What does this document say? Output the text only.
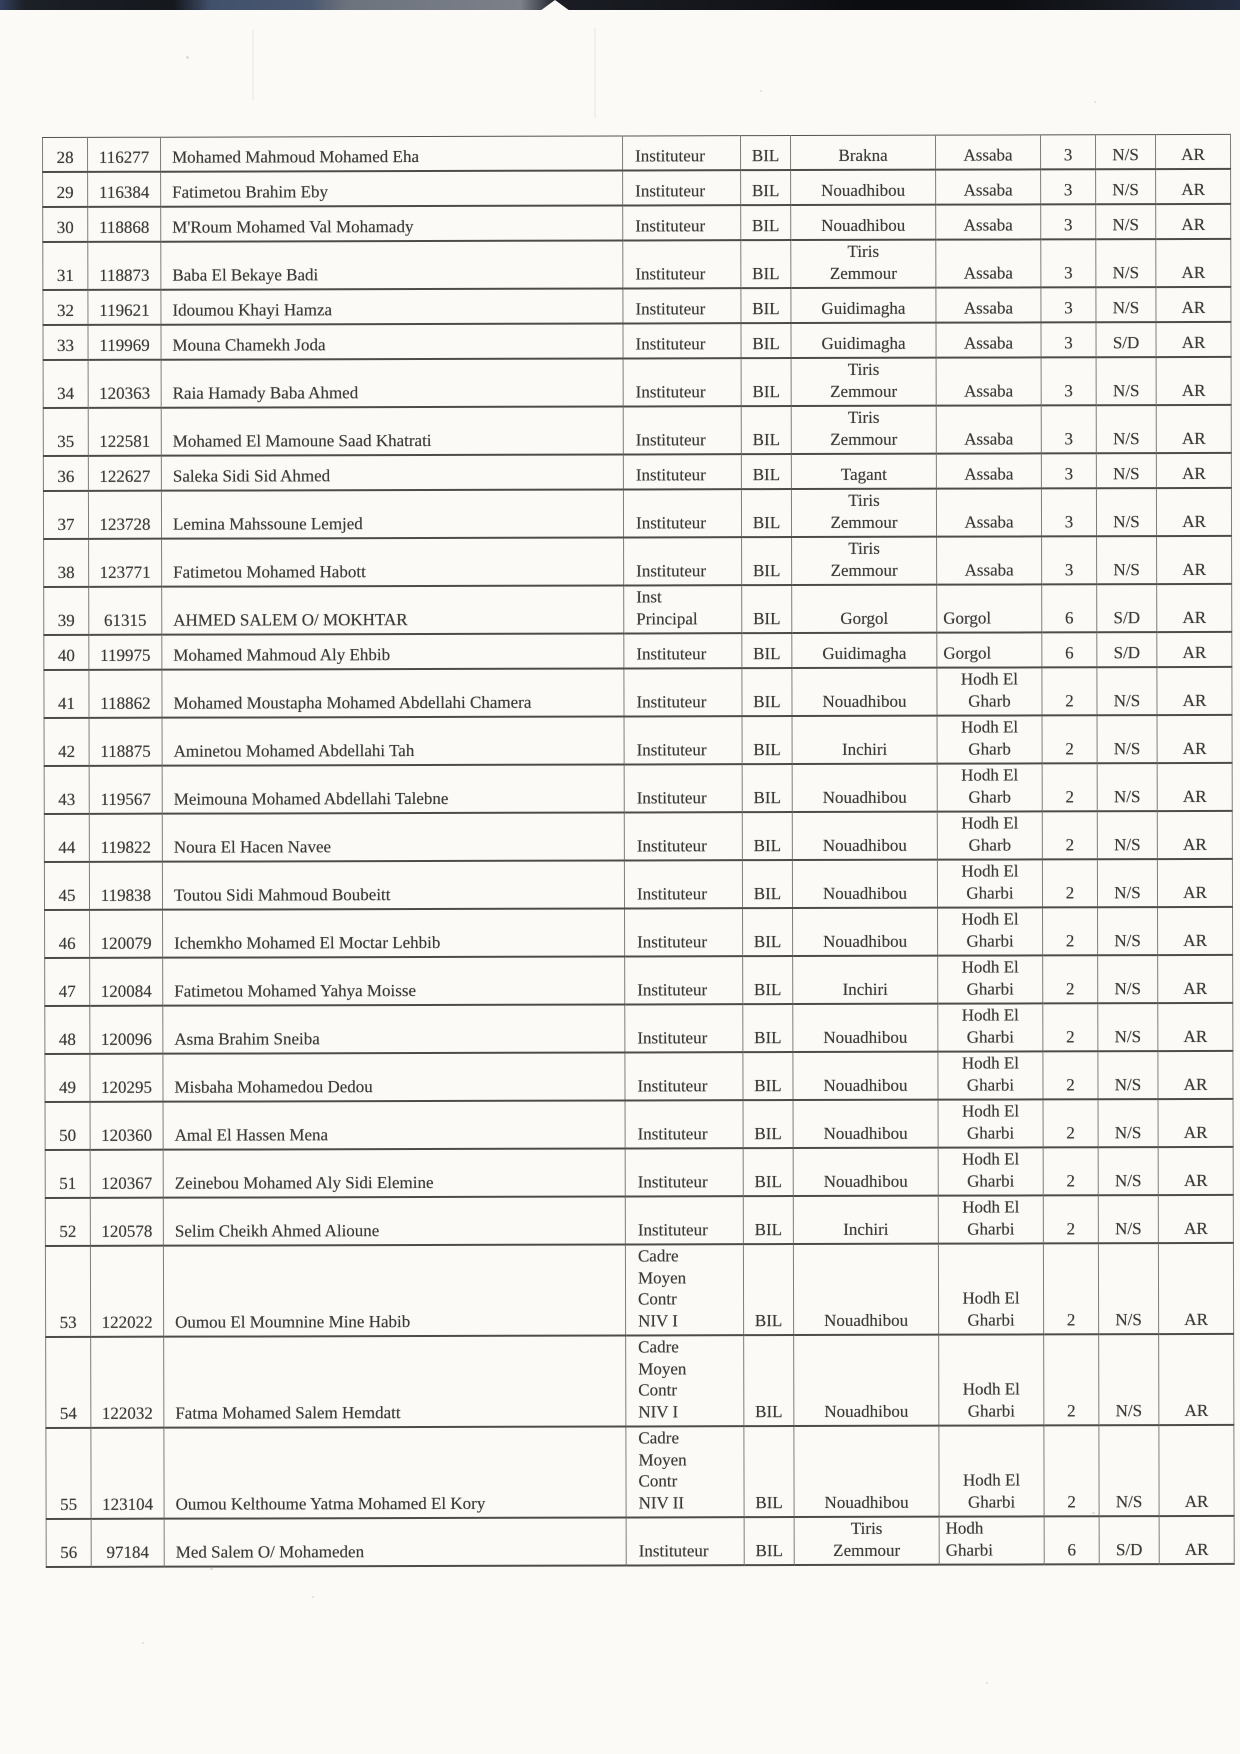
28	116277	Mohamed Mahmoud Mohamed Eha	Instituteur	BIL	Brakna	Assaba	3	N/S	AR
29	116384	Fatimetou Brahim Eby	Instituteur	BIL	Nouadhibou	Assaba	3	N/S	AR
30	118868	M'Roum Mohamed Val Mohamady	Instituteur	BIL	Nouadhibou	Assaba	3	N/S	AR
31	118873	Baba El Bekaye Badi	Instituteur	BIL	Tiris
Zemmour	Assaba	3	N/S	AR
32	119621	Idoumou Khayi Hamza	Instituteur	BIL	Guidimagha	Assaba	3	N/S	AR
33	119969	Mouna Chamekh Joda	Instituteur	BIL	Guidimagha	Assaba	3	S/D	AR
34	120363	Raia Hamady Baba Ahmed	Instituteur	BIL	Tiris
Zemmour	Assaba	3	N/S	AR
35	122581	Mohamed El Mamoune Saad Khatrati	Instituteur	BIL	Tiris
Zemmour	Assaba	3	N/S	AR
36	122627	Saleka Sidi Sid Ahmed	Instituteur	BIL	Tagant	Assaba	3	N/S	AR
37	123728	Lemina Mahssoune Lemjed	Instituteur	BIL	Tiris
Zemmour	Assaba	3	N/S	AR
38	123771	Fatimetou Mohamed Habott	Instituteur	BIL	Tiris
Zemmour	Assaba	3	N/S	AR
39	61315	AHMED SALEM O/ MOKHTAR	Inst
Principal	BIL	Gorgol	Gorgol	6	S/D	AR
40	119975	Mohamed Mahmoud Aly Ehbib	Instituteur	BIL	Guidimagha	Gorgol	6	S/D	AR
41	118862	Mohamed Moustapha Mohamed Abdellahi Chamera	Instituteur	BIL	Nouadhibou	Hodh El
Gharb	2	N/S	AR
42	118875	Aminetou Mohamed Abdellahi Tah	Instituteur	BIL	Inchiri	Hodh El
Gharb	2	N/S	AR
43	119567	Meimouna Mohamed Abdellahi Talebne	Instituteur	BIL	Nouadhibou	Hodh El
Gharb	2	N/S	AR
44	119822	Noura El Hacen Navee	Instituteur	BIL	Nouadhibou	Hodh El
Gharb	2	N/S	AR
45	119838	Toutou Sidi Mahmoud Boubeitt	Instituteur	BIL	Nouadhibou	Hodh El
Gharbi	2	N/S	AR
46	120079	Ichemkho Mohamed El Moctar Lehbib	Instituteur	BIL	Nouadhibou	Hodh El
Gharbi	2	N/S	AR
47	120084	Fatimetou Mohamed Yahya Moisse	Instituteur	BIL	Inchiri	Hodh El
Gharbi	2	N/S	AR
48	120096	Asma Brahim Sneiba	Instituteur	BIL	Nouadhibou	Hodh El
Gharbi	2	N/S	AR
49	120295	Misbaha Mohamedou Dedou	Instituteur	BIL	Nouadhibou	Hodh El
Gharbi	2	N/S	AR
50	120360	Amal El Hassen Mena	Instituteur	BIL	Nouadhibou	Hodh El
Gharbi	2	N/S	AR
51	120367	Zeinebou Mohamed Aly Sidi Elemine	Instituteur	BIL	Nouadhibou	Hodh El
Gharbi	2	N/S	AR
52	120578	Selim Cheikh Ahmed Alioune	Instituteur	BIL	Inchiri	Hodh El
Gharbi	2	N/S	AR
53	122022	Oumou El Moumnine Mine Habib	Cadre
Moyen
Contr
NIV I	BIL	Nouadhibou	Hodh El
Gharbi	2	N/S	AR
54	122032	Fatma Mohamed Salem Hemdatt	Cadre
Moyen
Contr
NIV I	BIL	Nouadhibou	Hodh El
Gharbi	2	N/S	AR
55	123104	Oumou Kelthoume Yatma Mohamed El Kory	Cadre
Moyen
Contr
NIV II	BIL	Nouadhibou	Hodh El
Gharbi	2	N/S	AR
56	97184	Med Salem O/ Mohameden	Instituteur	BIL	Tiris
Zemmour	Hodh
Gharbi	6	S/D	AR
